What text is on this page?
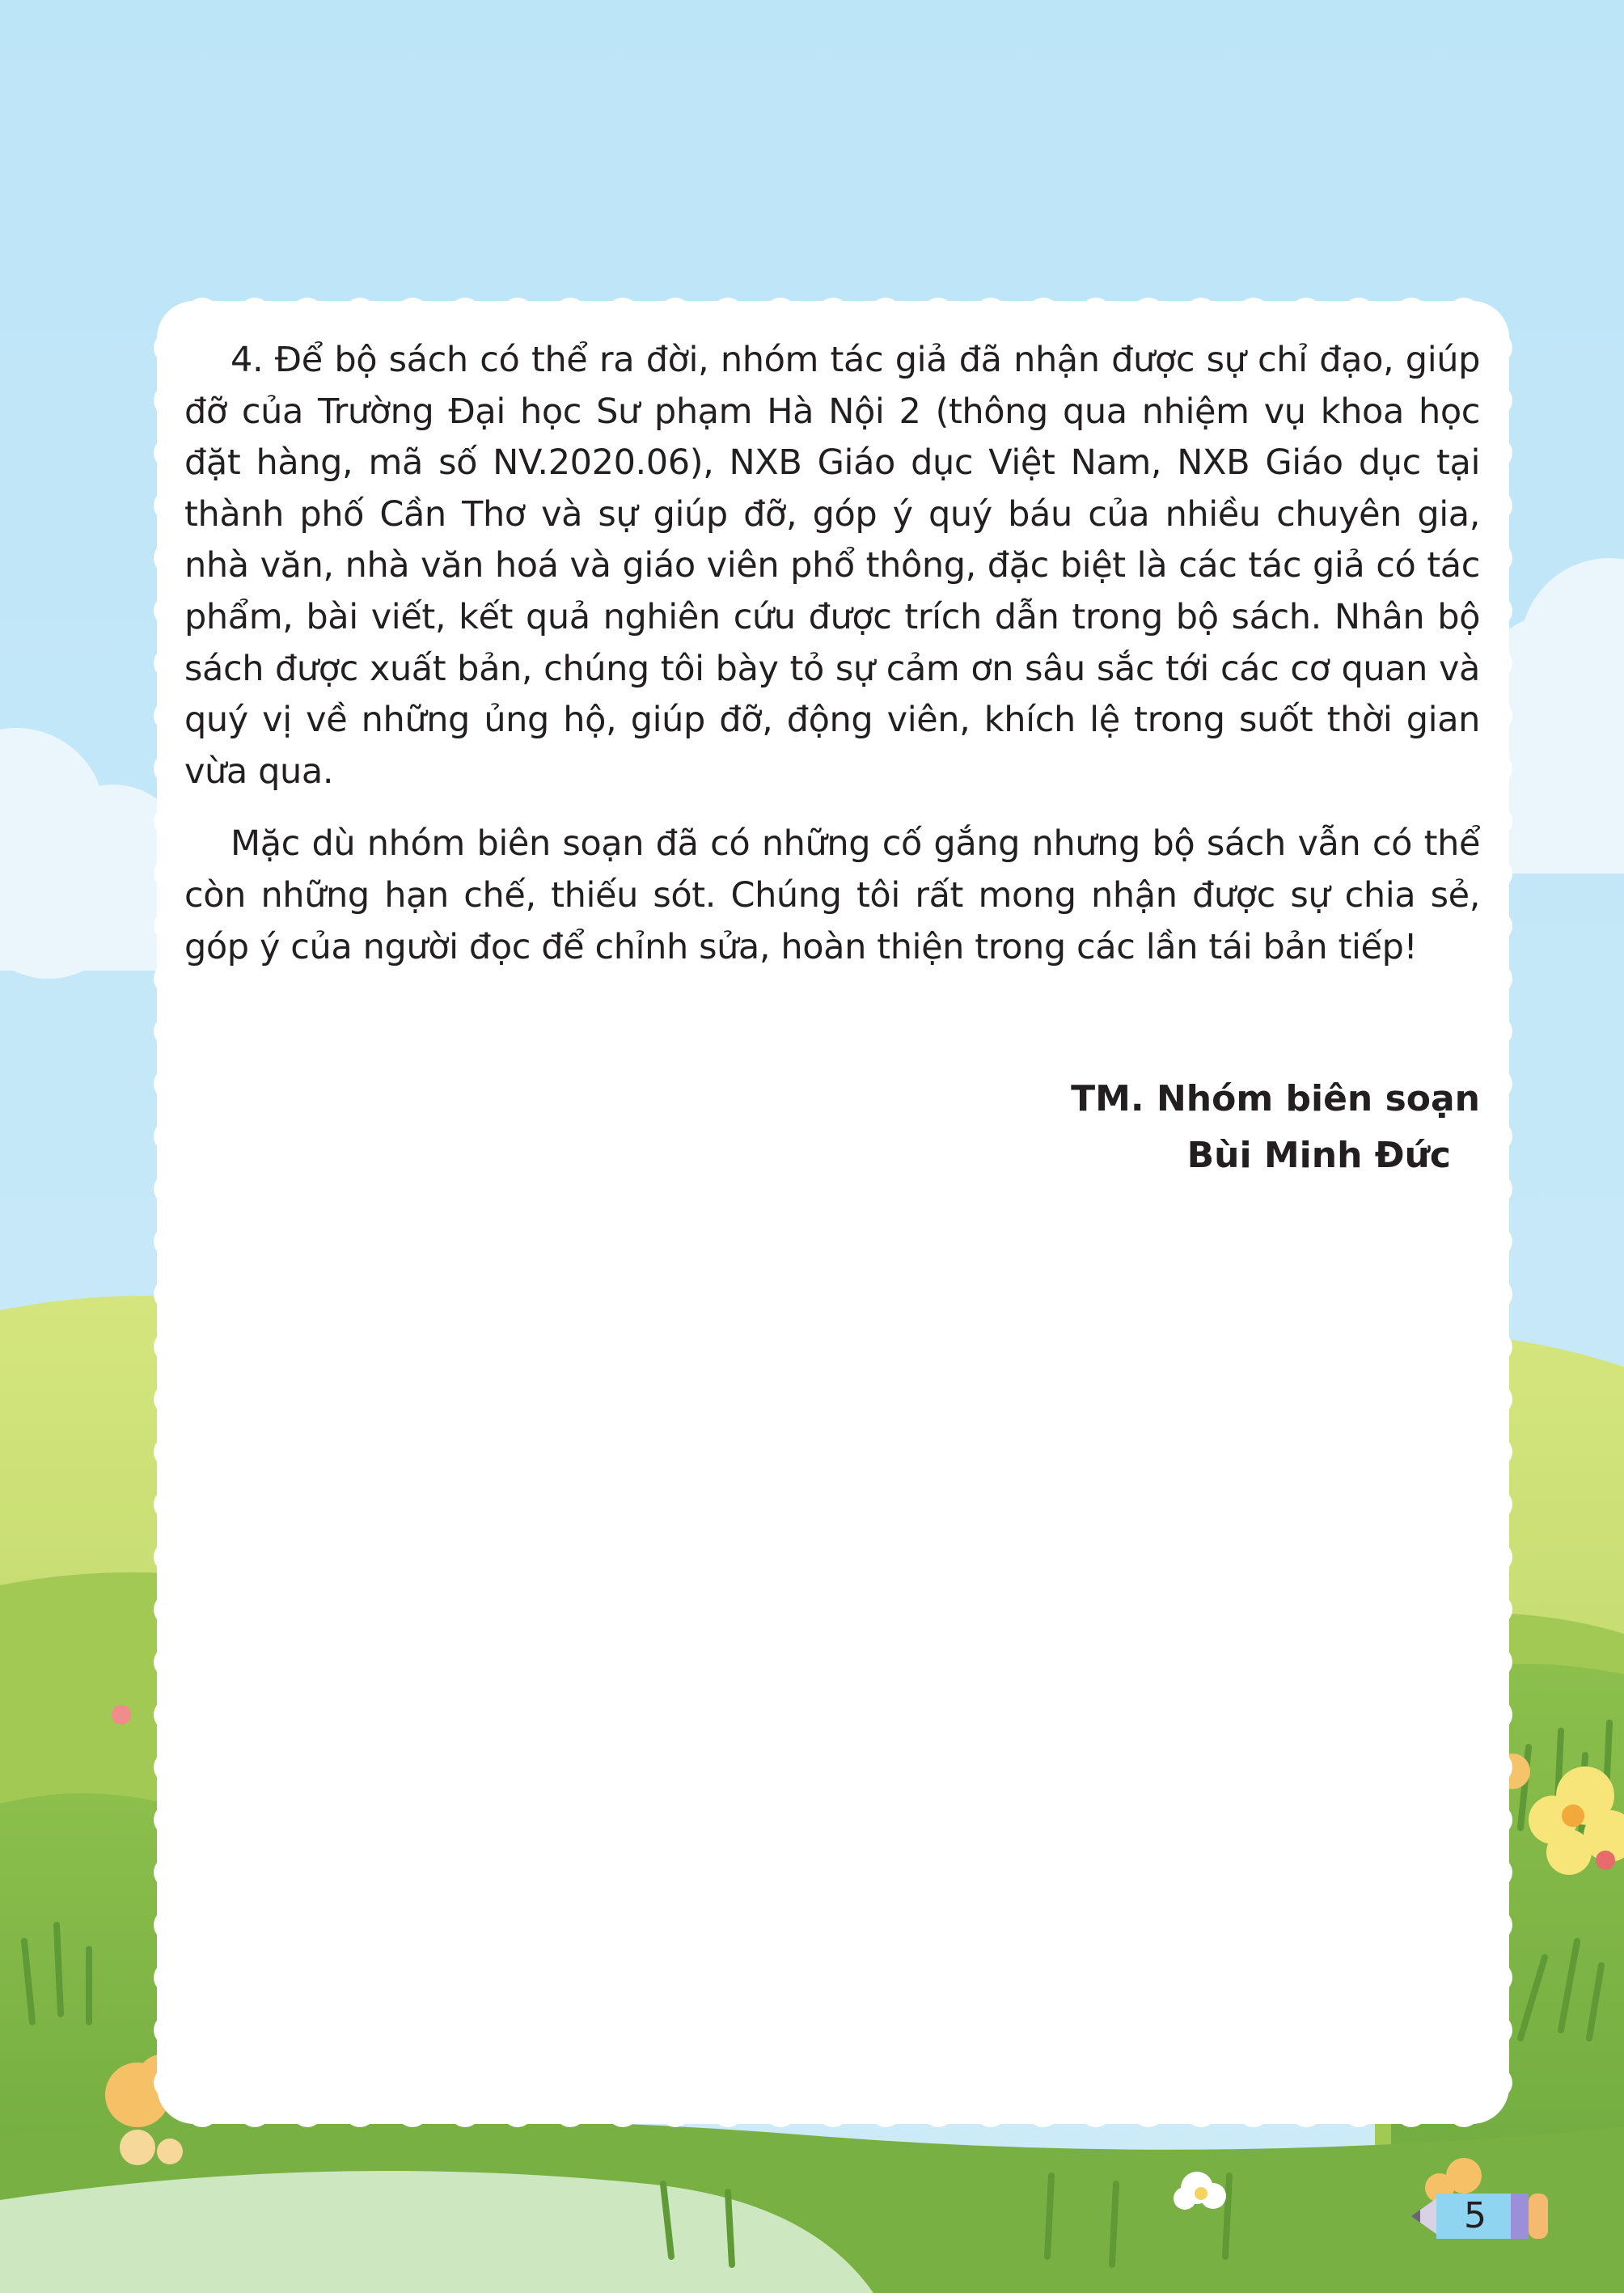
4. Để bộ sách có thể ra đời, nhóm tác giả đã nhận được sự chỉ đạo, giúp đỡ của Trường Đại học Sư phạm Hà Nội 2 (thông qua nhiệm vụ khoa học đặt hàng, mã số NV.2020.06), NXB Giáo dục Việt Nam, NXB Giáo dục tại thành phố Cần Thơ và sự giúp đỡ, góp ý quý báu của nhiều chuyên gia, nhà văn, nhà văn hoá và giáo viên phổ thông, đặc biệt là các tác giả có tác phẩm, bài viết, kết quả nghiên cứu được trích dẫn trong bộ sách. Nhân bộ sách được xuất bản, chúng tôi bày tỏ sự cảm ơn sâu sắc tới các cơ quan và quý vị về những ủng hộ, giúp đỡ, động viên, khích lệ trong suốt thời gian vừa qua.

Mặc dù nhóm biên soạn đã có những cố gắng nhưng bộ sách vẫn có thể còn những hạn chế, thiếu sót. Chúng tôi rất mong nhận được sự chia sẻ, góp ý của người đọc để chỉnh sửa, hoàn thiện trong các lần tái bản tiếp!

TM. Nhóm biên soạn
Bùi Minh Đức
5
